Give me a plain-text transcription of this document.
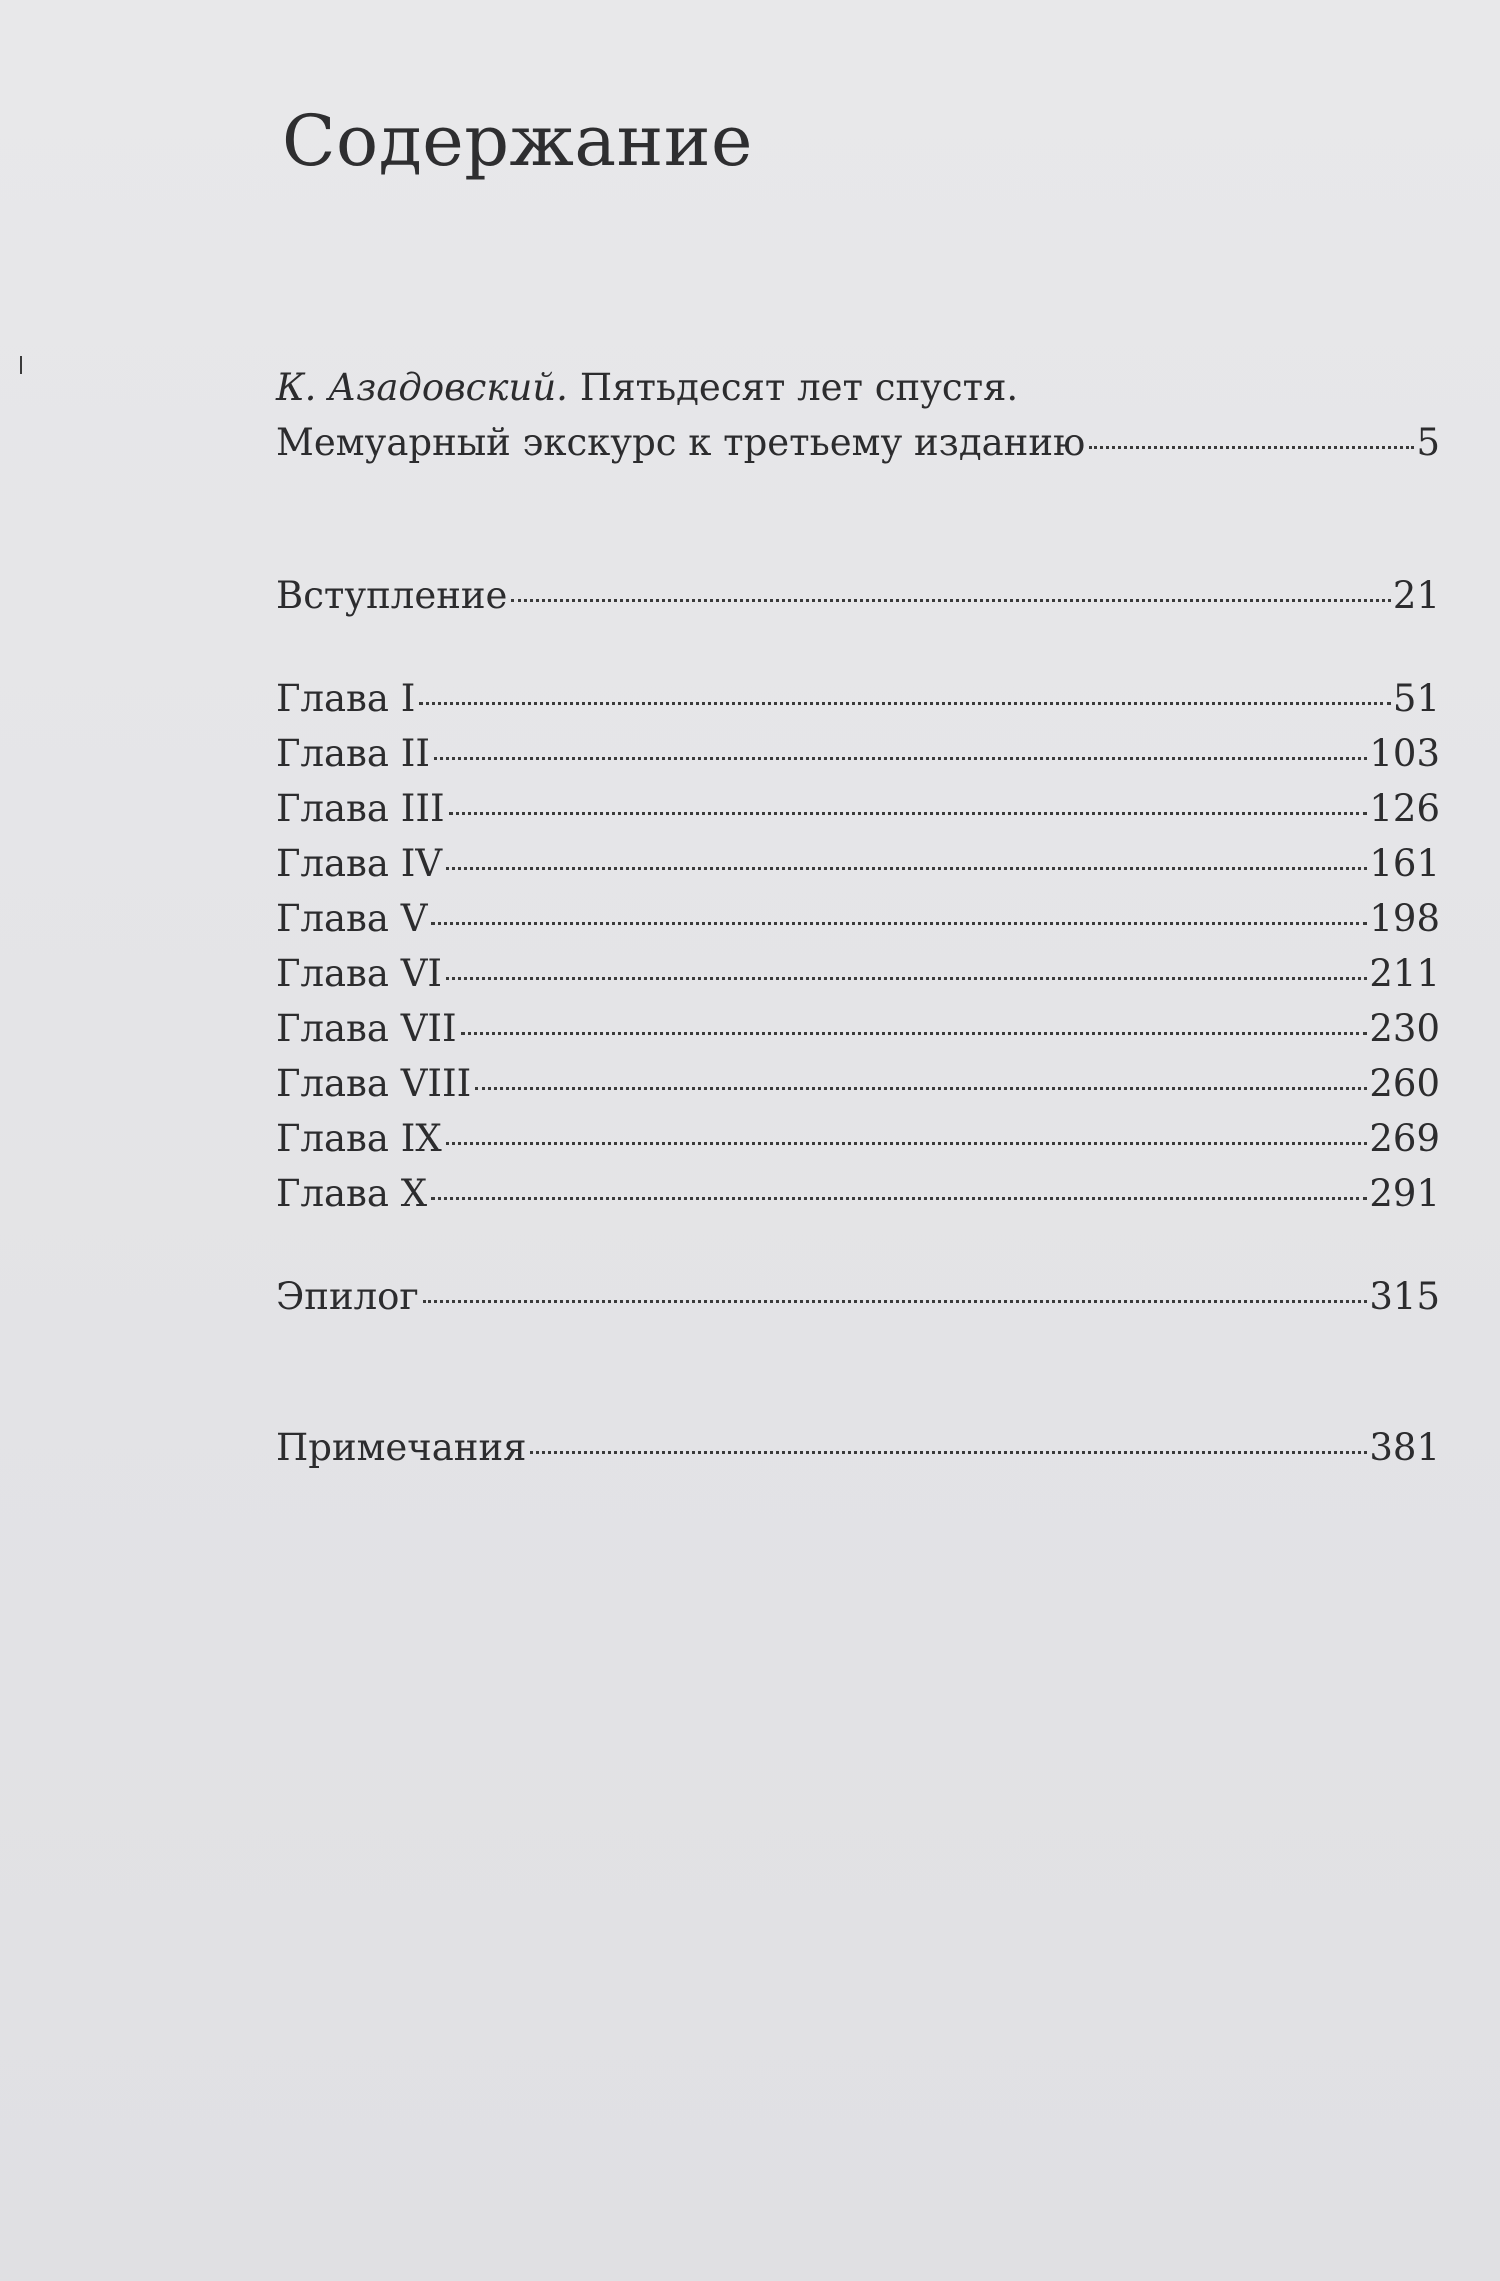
Содержание
К. Азадовский. Пятьдесят лет спустя.
Мемуарный экскурс к третьему изданию	5
Вступление	21
Глава I	51
Глава II	103
Глава III	126
Глава IV	161
Глава V	198
Глава VI	211
Глава VII	230
Глава VIII	260
Глава IX	269
Глава X	291
Эпилог	315
Примечания	381
